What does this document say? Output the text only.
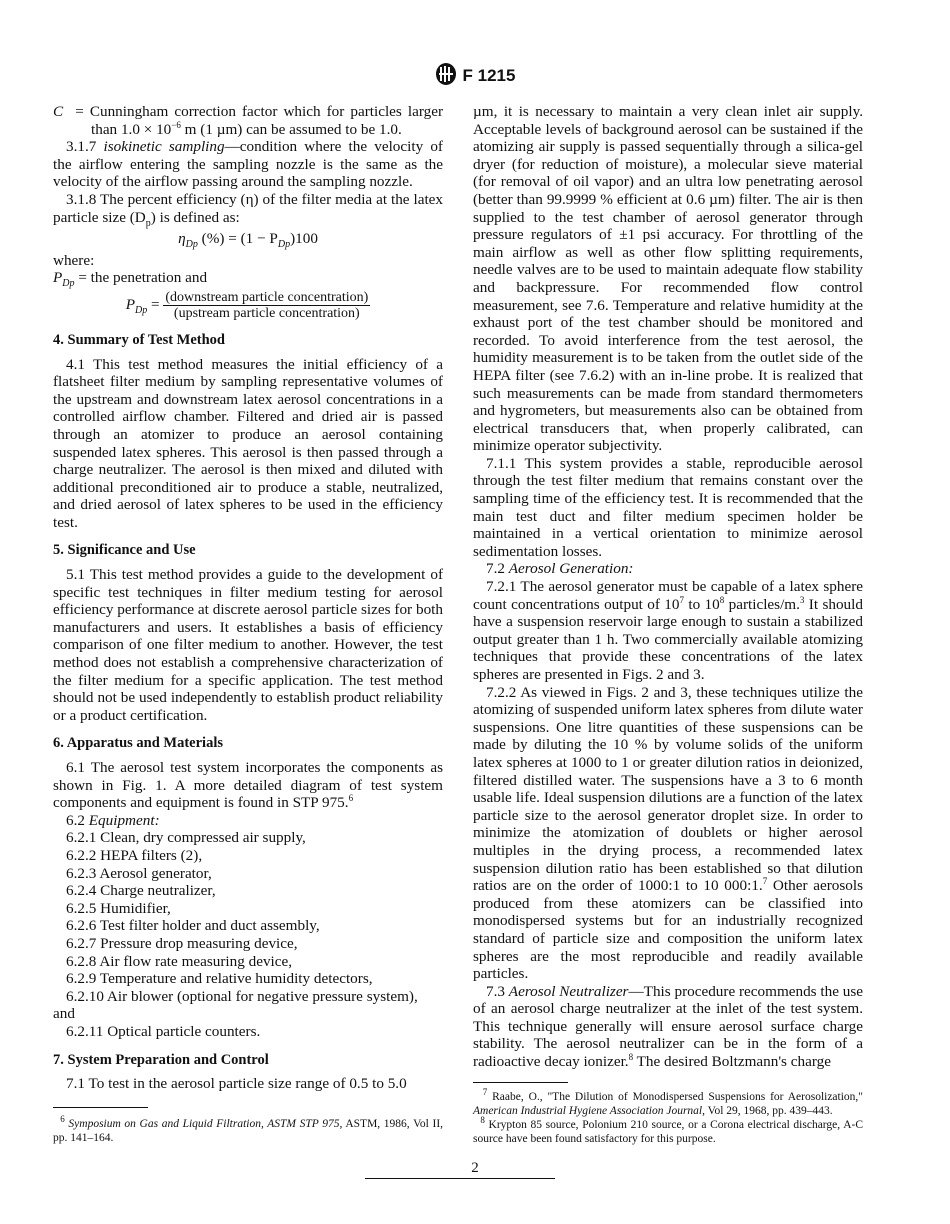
F 1215

C = Cunningham correction factor which for particles larger than $1.0 \times 10^{-6}$ m (1 µm) can be assumed to be 1.0.

3.1.7 isokinetic sampling—condition where the velocity of the airflow entering the sampling nozzle is the same as the velocity of the airflow passing around the sampling nozzle.

3.1.8 The percent efficiency (η) of the filter media at the latex particle size $(D_p)$ is defined as:

$\eta_{Dp}$ (%) = $(1 - P_{Dp})100$

where:

$P_{Dp}$ = the penetration and

$P_{Dp} = \frac{\text{(downstream particle concentration)}}{\text{(upstream particle concentration)}}$

4. Summary of Test Method

4.1 This test method measures the initial efficiency of a flatsheet filter medium by sampling representative volumes of the upstream and downstream latex aerosol concentrations in a controlled airflow chamber. Filtered and dried air is passed through an atomizer to produce an aerosol containing suspended latex spheres. This aerosol is then passed through a charge neutralizer. The aerosol is then mixed and diluted with additional preconditioned air to produce a stable, neutralized, and dried aerosol of latex spheres to be used in the efficiency test.

5. Significance and Use

5.1 This test method provides a guide to the development of specific test techniques in filter medium testing for aerosol efficiency performance at discrete aerosol particle sizes for both manufacturers and users. It establishes a basis of efficiency comparison of one filter medium to another. However, the test method does not establish a comprehensive characterization of the filter medium for a specific application. The test method should not be used independently to establish product reliability or a product certification.

6. Apparatus and Materials

6.1 The aerosol test system incorporates the components as shown in Fig. 1. A more detailed diagram of test system components and equipment is found in STP 975.$^6$

6.2 Equipment:

6.2.1 Clean, dry compressed air supply,

6.2.2 HEPA filters (2),

6.2.3 Aerosol generator,

6.2.4 Charge neutralizer,

6.2.5 Humidifier,

6.2.6 Test filter holder and duct assembly,

6.2.7 Pressure drop measuring device,

6.2.8 Air flow rate measuring device,

6.2.9 Temperature and relative humidity detectors,

6.2.10 Air blower (optional for negative pressure system),

and

6.2.11 Optical particle counters.

7. System Preparation and Control

7.1 To test in the aerosol particle size range of 0.5 to 5.0

$^6$ Symposium on Gas and Liquid Filtration, ASTM STP 975, ASTM, 1986, Vol II, pp. 141–164.

µm, it is necessary to maintain a very clean inlet air supply. Acceptable levels of background aerosol can be sustained if the atomizing air supply is passed sequentially through a silica-gel dryer (for reduction of moisture), a molecular sieve material (for removal of oil vapor) and an ultra low penetrating aerosol (better than 99.9999 % efficient at 0.6 µm) filter. The air is then supplied to the test chamber of aerosol generator through pressure regulators of ±1 psi accuracy. For throttling of the main airflow as well as other flow splitting requirements, needle valves are to be used to maintain adequate flow stability and backpressure. For recommended flow control measurement, see 7.6. Temperature and relative humidity at the exhaust port of the test chamber should be monitored and recorded. To avoid interference from the test aerosol, the humidity measurement is to be taken from the outlet side of the HEPA filter (see 7.6.2) with an in-line probe. It is realized that such measurements can be made from standard thermometers and hygrometers, but measurements also can be obtained from electrical transducers that, when properly calibrated, can minimize operator subjectivity.

7.1.1 This system provides a stable, reproducible aerosol through the test filter medium that remains constant over the sampling time of the efficiency test. It is recommended that the main test duct and filter medium specimen holder be maintained in a vertical orientation to minimize aerosol sedimentation losses.

7.2 Aerosol Generation:

7.2.1 The aerosol generator must be capable of a latex sphere count concentrations output of $10^7$ to $10^8$ particles/m.$^3$ It should have a suspension reservoir large enough to sustain a stabilized output greater than 1 h. Two commercially available atomizing techniques that provide these concentrations of the latex spheres are presented in Figs. 2 and 3.

7.2.2 As viewed in Figs. 2 and 3, these techniques utilize the atomizing of suspended uniform latex spheres from dilute water suspensions. One litre quantities of these suspensions can be made by diluting the 10 % by volume solids of the uniform latex spheres at 1000 to 1 or greater dilution ratios in deionized, filtered distilled water. The suspensions have a 3 to 6 month usable life. Ideal suspension dilutions are a function of the latex particle size to the aerosol generator droplet size. In order to minimize the atomization of doublets or higher aerosol multiples in the drying process, a recommended latex suspension dilution ratio has been established so that dilution ratios are on the order of 1000:1 to 10 000:1.$^7$ Other aerosols produced from these atomizers can be classified into monodispersed systems but for an industrially recognized standard of particle size and composition the uniform latex spheres are the most reproducible and readily available particles.

7.3 Aerosol Neutralizer—This procedure recommends the use of an aerosol charge neutralizer at the inlet of the test system. This technique generally will ensure aerosol surface charge stability. The aerosol neutralizer can be in the form of a radioactive decay ionizer.$^8$ The desired Boltzmann's charge

$^7$ Raabe, O., "The Dilution of Monodispersed Suspensions for Aerosolization," American Industrial Hygiene Association Journal, Vol 29, 1968, pp. 439–443.

$^8$ Krypton 85 source, Polonium 210 source, or a Corona electrical discharge, A-C source have been found satisfactory for this purpose.

2
